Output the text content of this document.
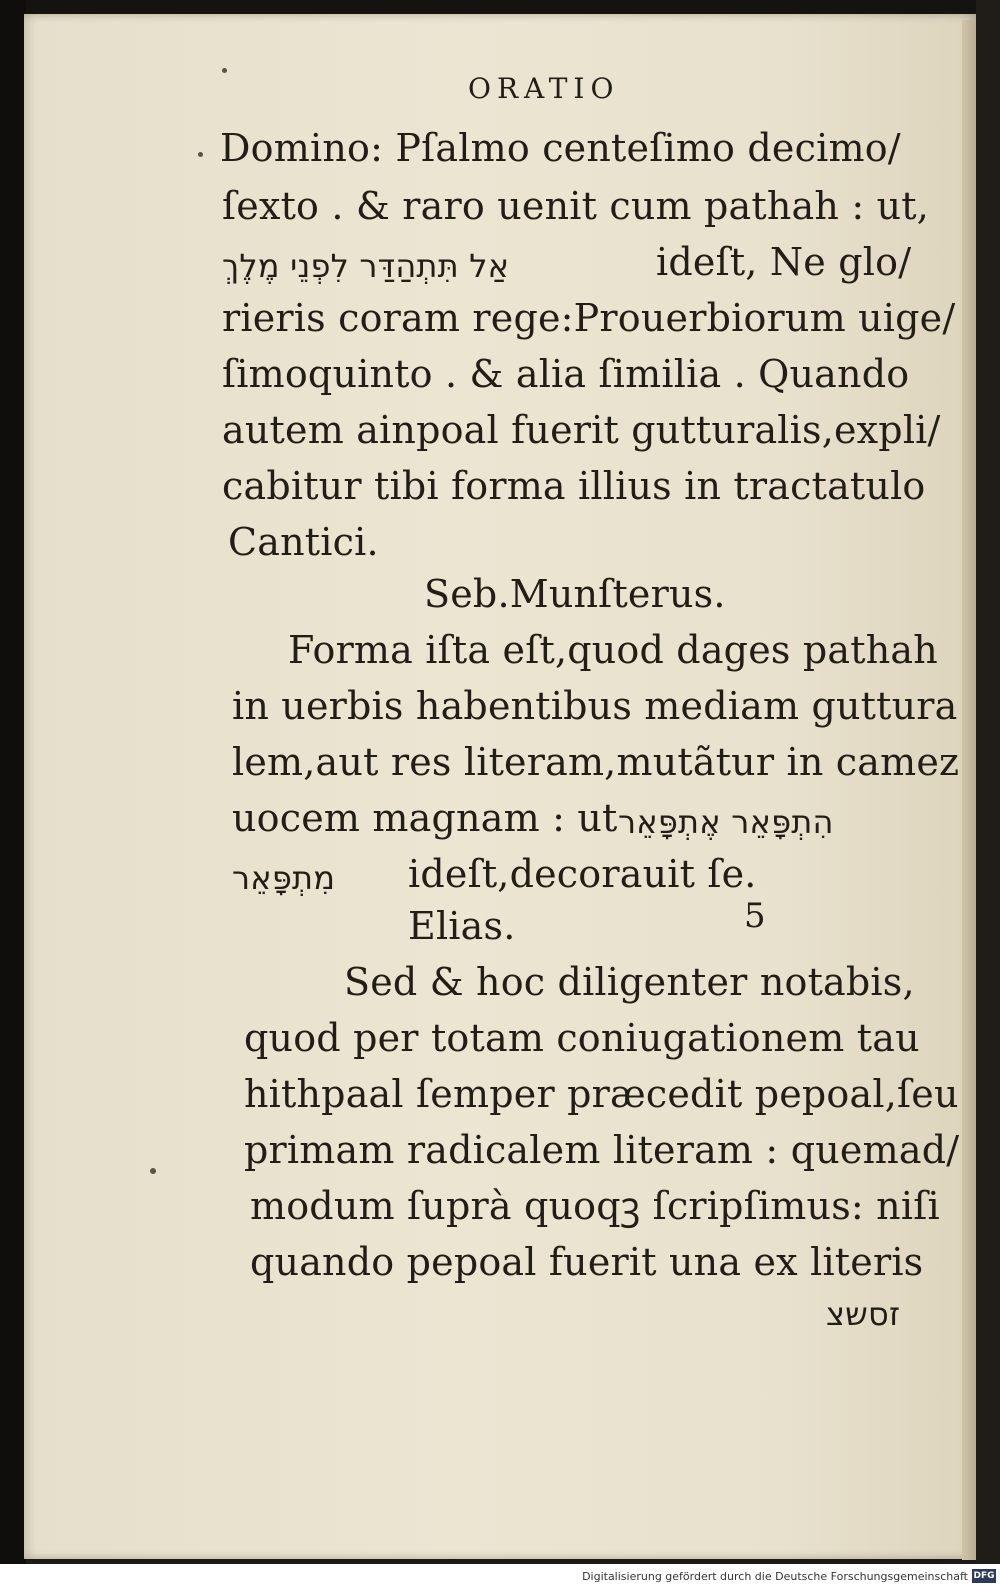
ORATIO
Domino: Pſalmo centeſimo decimo/
ſexto . & raro uenit cum pathah : ut,
אַל תִּתְהַדַּר לִפְנֵי מֶלֶךְ	ideſt, Ne glo/
rieris coram rege:Prouerbiorum uige/
ſimoquinto . & alia ſimilia . Quando
autem ainpoal fuerit gutturalis,expli/
cabitur tibi forma illius in tractatulo
Cantici.
Seb.Munſterus.
Forma iſta eſt,quod dages pathah
in uerbis habentibus mediam guttura
lem,aut res literam,mutãtur in camez
uocem magnam : ut הִתְפָּאֵר אֶתְפָּאֵר
מִתְפָּאֵר	ideſt,decorauit ſe.
Elias.	5
Sed & hoc diligenter notabis,
quod per totam coniugationem tau
hithpaal ſemper præcedit pepoal,ſeu
primam radicalem literam : quemad/
modum ſuprà quoqꝫ ſcripſimus: niſi
quando pepoal fuerit una ex literis
זסשצ
Digitalisierung gefördert durch die Deutsche Forschungsgemeinschaft DFG
